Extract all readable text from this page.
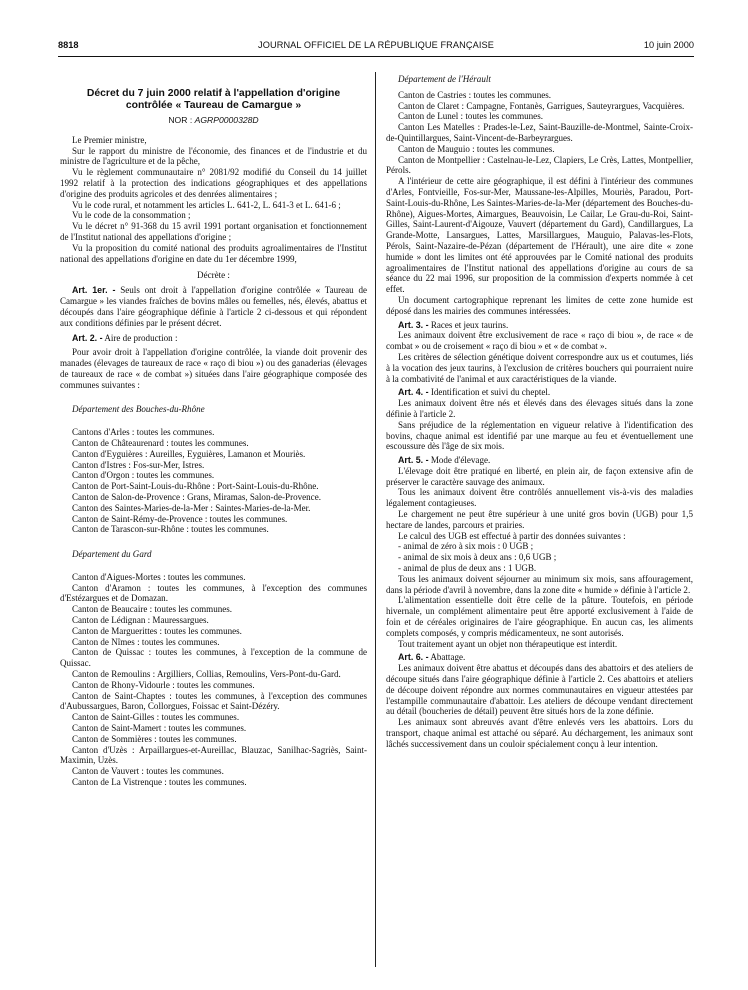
8818	JOURNAL OFFICIEL DE LA RÉPUBLIQUE FRANÇAISE	10 juin 2000
Décret du 7 juin 2000 relatif à l'appellation d'origine contrôlée « Taureau de Camargue »
NOR : AGRP0000328D

Le Premier ministre,

Sur le rapport du ministre de l'économie, des finances et de l'industrie et du ministre de l'agriculture et de la pêche,

Vu le règlement communautaire n° 2081/92 modifié du Conseil du 14 juillet 1992 relatif à la protection des indications géographiques et des appellations d'origine des produits agricoles et des denrées alimentaires ;

Vu le code rural, et notamment les articles L. 641-2, L. 641-3 et L. 641-6 ;

Vu le code de la consommation ;

Vu le décret n° 91-368 du 15 avril 1991 portant organisation et fonctionnement de l'Institut national des appellations d'origine ;

Vu la proposition du comité national des produits agroalimentaires de l'Institut national des appellations d'origine en date du 1er décembre 1999,

Décrète :

Art. 1er. - Seuls ont droit à l'appellation d'origine contrôlée « Taureau de Camargue » les viandes fraîches de bovins mâles ou femelles, nés, élevés, abattus et découpés dans l'aire géographique définie à l'article 2 ci-dessous et qui répondent aux conditions définies par le présent décret.

Art. 2. - Aire de production :

Pour avoir droit à l'appellation d'origine contrôlée, la viande doit provenir des manades (élevages de taureaux de race « raço di biou ») ou des ganaderias (élevages de taureaux de race « de combat ») situées dans l'aire géographique composée des communes suivantes :

Département des Bouches-du-Rhône

Cantons d'Arles : toutes les communes.

Canton de Châteaurenard : toutes les communes.

Canton d'Eyguières : Aureilles, Eyguières, Lamanon et Mouriès.

Canton d'Istres : Fos-sur-Mer, Istres.

Canton d'Orgon : toutes les communes.

Canton de Port-Saint-Louis-du-Rhône : Port-Saint-Louis-du-Rhône.

Canton de Salon-de-Provence : Grans, Miramas, Salon-de-Provence.

Canton des Saintes-Maries-de-la-Mer : Saintes-Maries-de-la-Mer.

Canton de Saint-Rémy-de-Provence : toutes les communes.

Canton de Tarascon-sur-Rhône : toutes les communes.

Département du Gard

Canton d'Aigues-Mortes : toutes les communes.

Canton d'Aramon : toutes les communes, à l'exception des communes d'Estézargues et de Domazan.

Canton de Beaucaire : toutes les communes.

Canton de Lédignan : Mauressargues.

Canton de Marguerittes : toutes les communes.

Canton de Nîmes : toutes les communes.

Canton de Quissac : toutes les communes, à l'exception de la commune de Quissac.

Canton de Remoulins : Argilliers, Collias, Remoulins, Vers-Pont-du-Gard.

Canton de Rhony-Vidourle : toutes les communes.

Canton de Saint-Chaptes : toutes les communes, à l'exception des communes d'Aubussargues, Baron, Collorgues, Foissac et Saint-Dézéry.

Canton de Saint-Gilles : toutes les communes.

Canton de Saint-Mamert : toutes les communes.

Canton de Sommières : toutes les communes.

Canton d'Uzès : Arpaillargues-et-Aureillac, Blauzac, Sanilhac-Sagriès, Saint-Maximin, Uzès.

Canton de Vauvert : toutes les communes.

Canton de La Vistrenque : toutes les communes.

Département de l'Hérault

Canton de Castries : toutes les communes.

Canton de Claret : Campagne, Fontanès, Garrigues, Sauteyrargues, Vacquières.

Canton de Lunel : toutes les communes.

Canton Les Matelles : Prades-le-Lez, Saint-Bauzille-de-Montmel, Sainte-Croix-de-Quintillargues, Saint-Vincent-de-Barbeyrargues.

Canton de Mauguio : toutes les communes.

Canton de Montpellier : Castelnau-le-Lez, Clapiers, Le Crès, Lattes, Montpellier, Pérols.

A l'intérieur de cette aire géographique, il est défini à l'intérieur des communes d'Arles, Fontvieille, Fos-sur-Mer, Maussane-les-Alpilles, Mouriès, Paradou, Port-Saint-Louis-du-Rhône, Les Saintes-Maries-de-la-Mer (département des Bouches-du-Rhône), Aigues-Mortes, Aimargues, Beauvoisin, Le Cailar, Le Grau-du-Roi, Saint-Gilles, Saint-Laurent-d'Aigouze, Vauvert (département du Gard), Candillargues, La Grande-Motte, Lansargues, Lattes, Marsillargues, Mauguio, Palavas-les-Flots, Pérols, Saint-Nazaire-de-Pézan (département de l'Hérault), une aire dite « zone humide » dont les limites ont été approuvées par le Comité national des produits agroalimentaires de l'Institut national des appellations d'origine au cours de sa séance du 22 mai 1996, sur proposition de la commission d'experts nommée à cet effet.

Un document cartographique reprenant les limites de cette zone humide est déposé dans les mairies des communes intéressées.

Art. 3. - Races et jeux taurins.

Les animaux doivent être exclusivement de race « raço di biou », de race « de combat » ou de croisement « raço di biou » et « de combat ».

Les critères de sélection génétique doivent correspondre aux us et coutumes, liés à la vocation des jeux taurins, à l'exclusion de critères bouchers qui pourraient nuire à la combativité de l'animal et aux caractéristiques de la viande.

Art. 4. - Identification et suivi du cheptel.

Les animaux doivent être nés et élevés dans des élevages situés dans la zone définie à l'article 2.

Sans préjudice de la réglementation en vigueur relative à l'identification des bovins, chaque animal est identifié par une marque au feu et éventuellement une escoussure dès l'âge de six mois.

Art. 5. - Mode d'élevage.

L'élevage doit être pratiqué en liberté, en plein air, de façon extensive afin de préserver le caractère sauvage des animaux.

Tous les animaux doivent être contrôlés annuellement vis-à-vis des maladies légalement contagieuses.

Le chargement ne peut être supérieur à une unité gros bovin (UGB) pour 1,5 hectare de landes, parcours et prairies.

Le calcul des UGB est effectué à partir des données suivantes :

- animal de zéro à six mois : 0 UGB ;

- animal de six mois à deux ans : 0,6 UGB ;

- animal de plus de deux ans : 1 UGB.

Tous les animaux doivent séjourner au minimum six mois, sans affouragement, dans la période d'avril à novembre, dans la zone dite « humide » définie à l'article 2.

L'alimentation essentielle doit être celle de la pâture. Toutefois, en période hivernale, un complément alimentaire peut être apporté exclusivement à l'aide de foin et de céréales originaires de l'aire géographique. En aucun cas, les aliments complets composés, y compris médicamenteux, ne sont autorisés.

Tout traitement ayant un objet non thérapeutique est interdit.

Art. 6. - Abattage.

Les animaux doivent être abattus et découpés dans des abattoirs et des ateliers de découpe situés dans l'aire géographique définie à l'article 2. Ces abattoirs et ateliers de découpe doivent répondre aux normes communautaires en vigueur attestées par l'estampille communautaire d'abattoir. Les ateliers de découpe vendant directement au détail (boucheries de détail) peuvent être situés hors de la zone définie.

Les animaux sont abreuvés avant d'être enlevés vers les abattoirs. Lors du transport, chaque animal est attaché ou séparé. Au déchargement, les animaux sont lâchés successivement dans un couloir spécialement conçu à leur intention.
